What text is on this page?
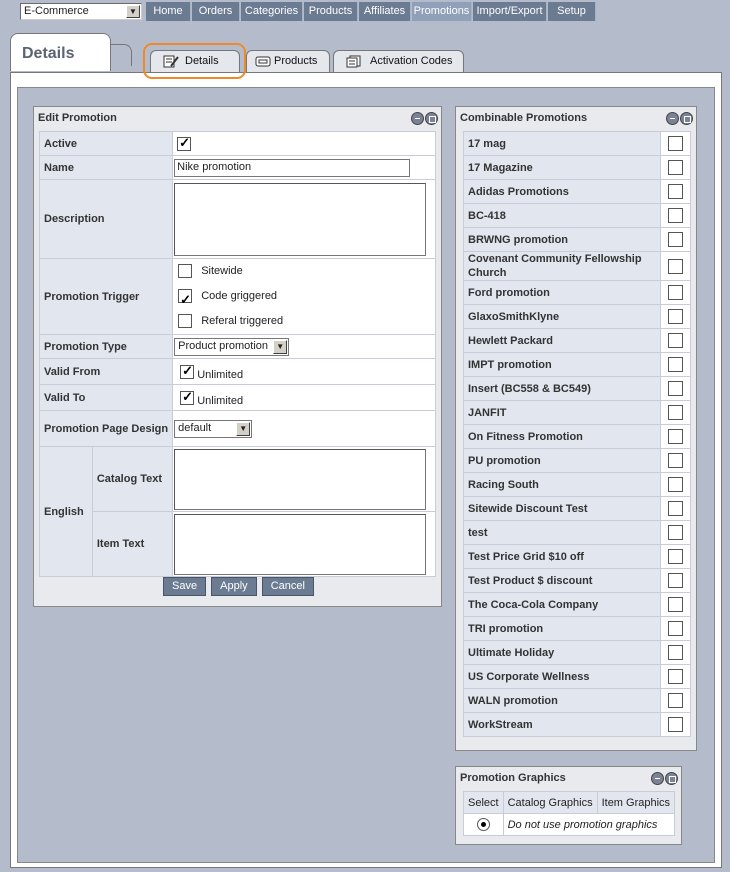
E-Commerce	▼	Home	Orders	Categories Products	Affiliates Promotions Import/Export	Setup
Details	Details	Products	Activation Codes
Edit Promotion
Active	✓
Name		Nike promotion
Description		

Promotion Trigger		Sitewide
✓ Code griggered
Referal triggered

Promotion Type		Product promotion ▼

Valid From	✓Unlimited
Valid To	✓Unlimited
Promotion Page Design		default ▼

English	Catalog Text	

	Item Text	
Save Apply Cancel
Combinable Promotions
17 mag	
17 Magazine	
Adidas Promotions	
BC-418	
BRWNG promotion	
Covenant Community Fellowship Church	
Ford promotion	
GlaxoSmithKlyne	
Hewlett Packard	
IMPT promotion	
Insert (BC558 & BC549)	
JANFIT	
On Fitness Promotion	
PU promotion	
Racing South	
Sitewide Discount Test	
test	
Test Price Grid $10 off	
Test Product $ discount	
The Coca-Cola Company	
TRI promotion	
Ultimate Holiday	
US Corporate Wellness	
WALN promotion	
WorkStream	
Promotion Graphics
Select	Catalog Graphics	Item Graphics
	Do not use promotion graphics	
